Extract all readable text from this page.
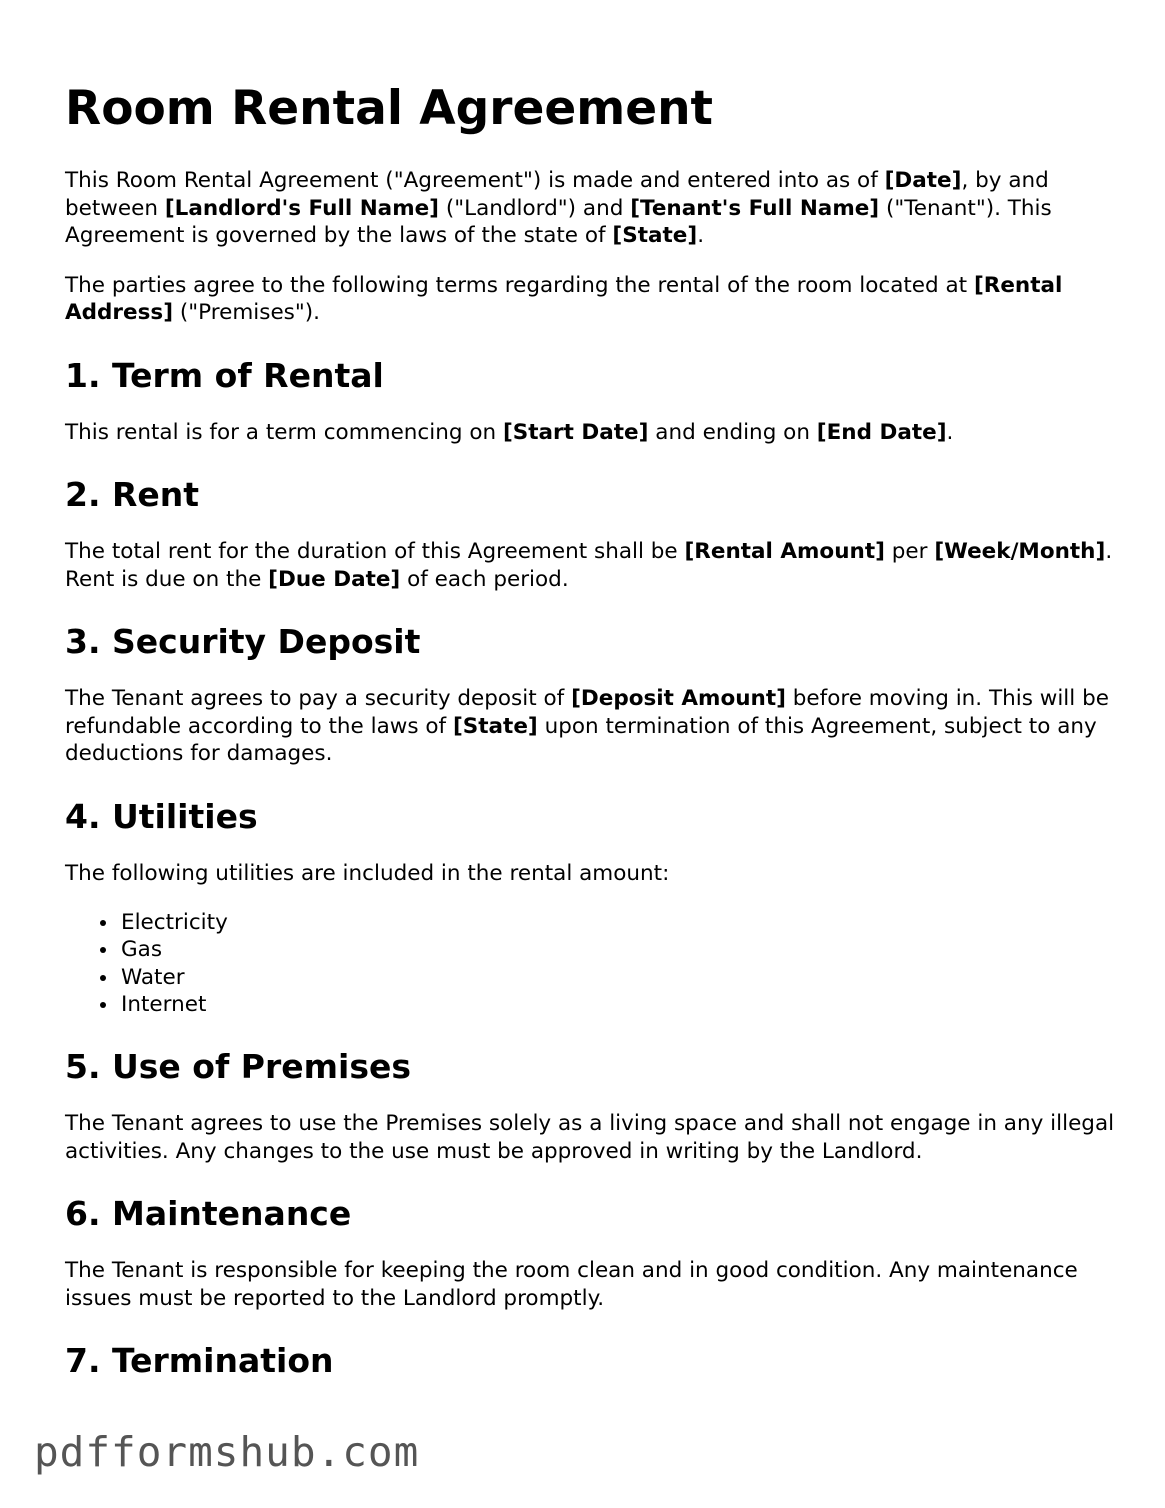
Room Rental Agreement

This Room Rental Agreement ("Agreement") is made and entered into as of [Date], by and between [Landlord's Full Name] ("Landlord") and [Tenant's Full Name] ("Tenant"). This Agreement is governed by the laws of the state of [State].

The parties agree to the following terms regarding the rental of the room located at [Rental Address] ("Premises").

1. Term of Rental

This rental is for a term commencing on [Start Date] and ending on [End Date].

2. Rent

The total rent for the duration of this Agreement shall be [Rental Amount] per [Week/Month]. Rent is due on the [Due Date] of each period.

3. Security Deposit

The Tenant agrees to pay a security deposit of [Deposit Amount] before moving in. This will be refundable according to the laws of [State] upon termination of this Agreement, subject to any deductions for damages.

4. Utilities

The following utilities are included in the rental amount:

Electricity
Gas
Water
Internet
5. Use of Premises

The Tenant agrees to use the Premises solely as a living space and shall not engage in any illegal activities. Any changes to the use must be approved in writing by the Landlord.

6. Maintenance

The Tenant is responsible for keeping the room clean and in good condition. Any maintenance issues must be reported to the Landlord promptly.

7. Termination
pdfformshub.com
